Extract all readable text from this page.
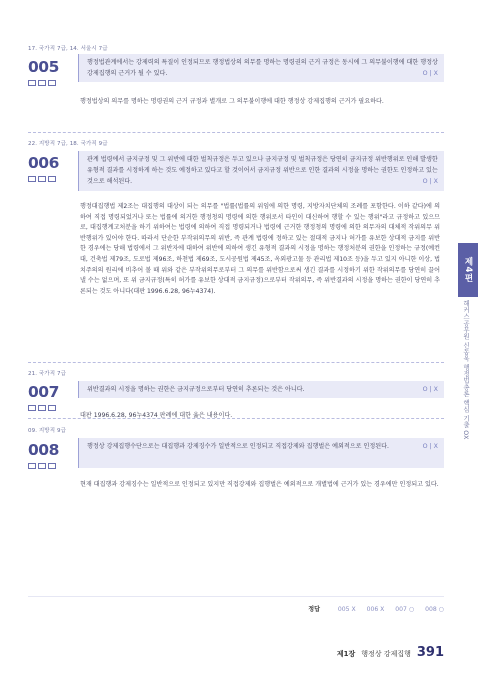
17. 국가직 7급, 14. 서울시 7급
005	행정법관계에서는 강제력의 특질이 인정되므로 행정법상의 의무를 명하는 명령권의 근거 규정은 동시에 그 의무불이행에 대한 행정상 강제집행의 근거가 될 수 있다.	O | X
행정법상의 의무를 명하는 명령권의 근거 규정과 별개로 그 의무불이행에 대한 행정상 강제집행의 근거가 필요하다.
22. 지방직 7급, 18. 국가직 9급
006	관계 법령에서 금지규정 및 그 위반에 대한 벌칙규정은 두고 있으나 금지규정 및 벌칙규정은 당연히 금지규정 위반행위로 인해 발생한 유형적 결과를 시정하게 하는 것도 예정하고 있다고 할 것이어서 금지규정 위반으로 인한 결과의 시정을 명하는 권한도 인정하고 있는 것으로 해석된다.	O | X
행정대집행법 제2조는 대집행의 대상이 되는 의무를 "법률(법률의 위임에 의한 명령, 지방자치단체의 조례를 포함한다. 이하 같다)에 의하여 직접 명령되었거나 또는 법률에 의거한 행정청의 명령에 의한 행위로서 타인이 대신하여 행할 수 있는 행위"라고 규정하고 있으므로, 대집행계고처분을 하기 위하여는 법령에 의하여 직접 명령되거나 법령에 근거한 행정청의 명령에 의한 의무자의 대체적 작위의무 위반행위가 있어야 한다. 따라서 단순한 부작위의무의 위반, 즉 관계 법령에 정하고 있는 절대적 금지나 허가를 유보한 상대적 금지를 위반한 경우에는 당해 법령에서 그 위반자에 대하여 위반에 의하여 생긴 유형적 결과의 시정을 명하는 행정처분의 권한을 인정하는 규정(예컨대, 건축법 제79조, 도로법 제96조, 하천법 제69조, 도시공원법 제45조, 옥외광고물 등 관리법 제10조 등)을 두고 있지 아니한 이상, 법치주의의 원리에 비추어 볼 때 위와 같은 부작위의무로부터 그 의무를 위반함으로써 생긴 결과를 시정하기 위한 작위의무를 당연히 끌어낼 수는 없으며, 또 위 금지규정(특히 허가를 유보한 상대적 금지규정)으로부터 작위의무, 즉 위반결과의 시정을 명하는 권한이 당연히 추론되는 것도 아니다(대판 1996.6.28, 96누4374).
21. 국가직 7급
007	위반결과의 시정을 명하는 권한은 금지규정으로부터 당연히 추론되는 것은 아니다.	O | X
대판 1996.6.28, 96누4374 판례에 대한 옳은 내용이다.
09. 지방직 9급
008	행정상 강제집행수단으로는 대집행과 강제징수가 일반적으로 인정되고 직접강제와 집행벌은 예외적으로 인정된다.	O | X
현재 대집행과 강제징수는 일반적으로 인정되고 있지만 직접강제와 집행벌은 예외적으로 개별법에 근거가 있는 경우에만 인정되고 있다.
제4편
해커스공무원 신동욱 행정법총론 핵심 기출 OX
정답	005 X 006 X 007 ○ 008 ○
제1장 행정상 강제집행 391
